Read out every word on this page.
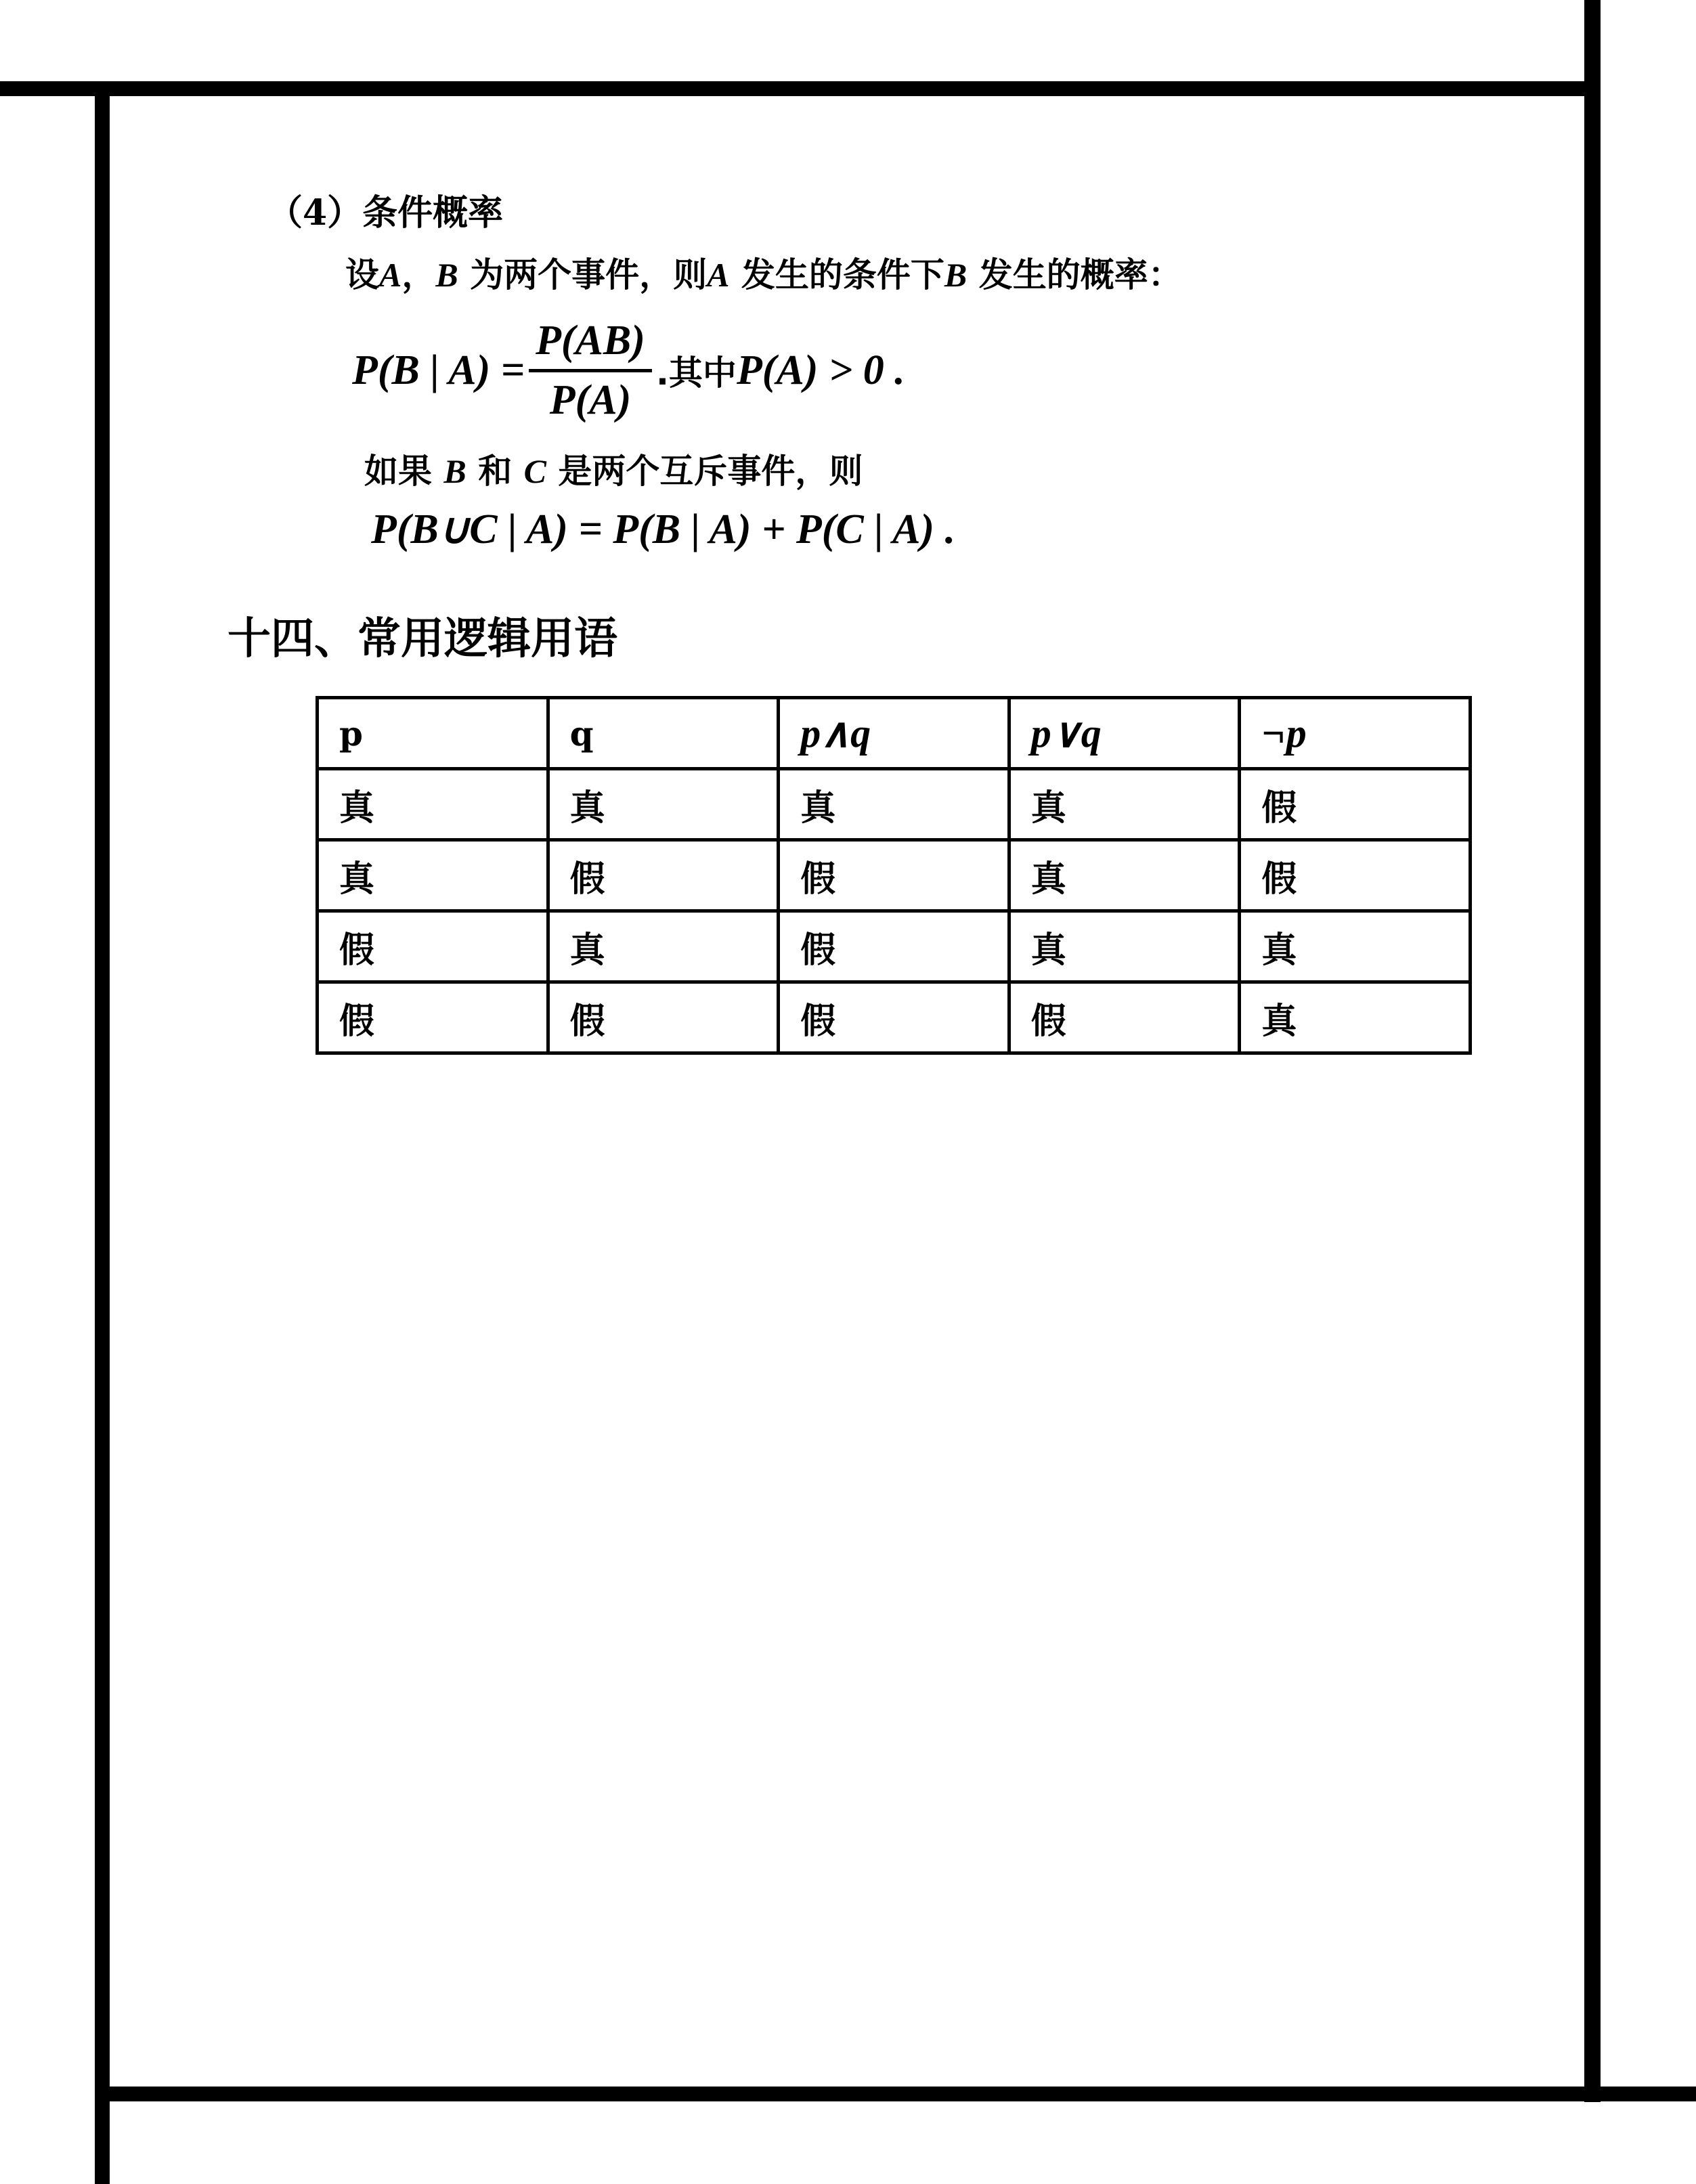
（4）条件概率
设A，B 为两个事件，则A 发生的条件下B 发生的概率：
P(B | $A) = \frac{P(AB)}{P(A)}$ .其中 P(A) > 0 .
如果 B 和 C 是两个互斥事件，则
P(B∪C | A) = P(B | A) + P(C | A) .
十四、常用逻辑用语
p	q	p∧q	p∨q	¬p
真	真	真	真	假
真	假	假	真	假
假	真	假	真	真
假	假	假	假	真
